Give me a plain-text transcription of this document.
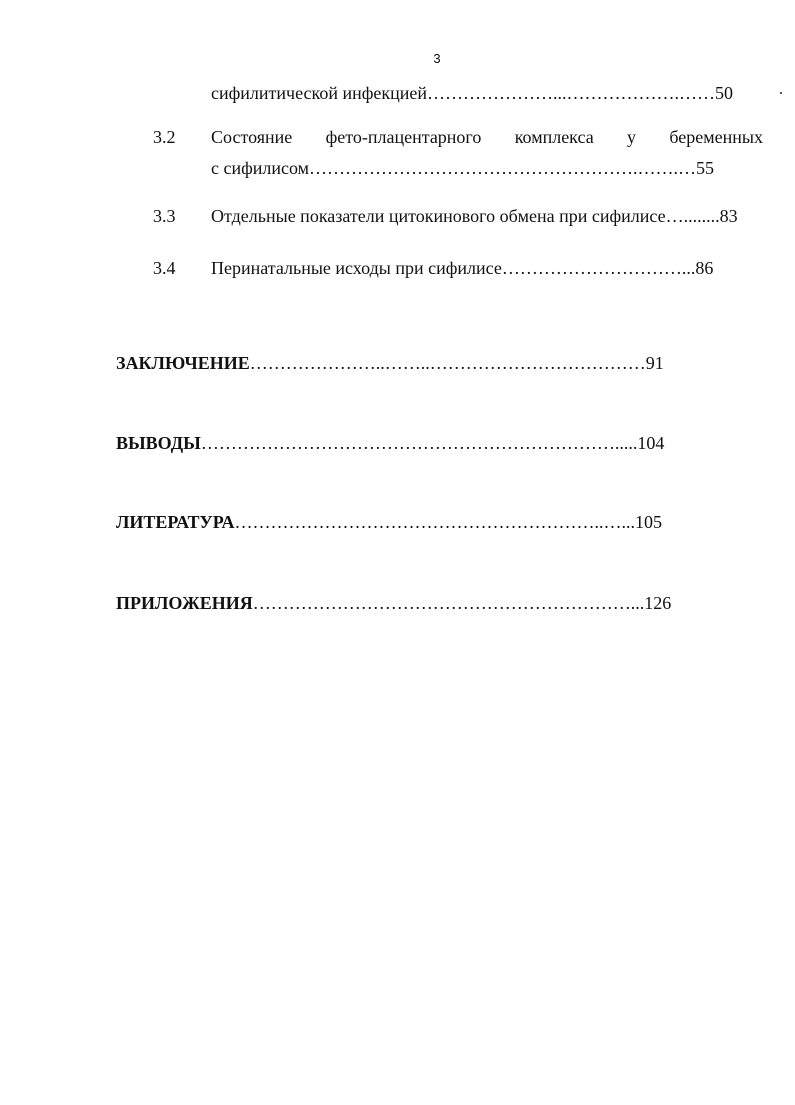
3
сифилитической инфекцией…………………...……………….……50
3.2 Состояние фето-плацентарного комплекса у беременных
с сифилисом……………………………………………….…….…55
3.3 Отдельные показатели цитокинового обмена при сифилисе…........83
3.4 Перинатальные исходы при сифилисе…………………………...86
ЗАКЛЮЧЕНИЕ…………………..……..………………………………91
ВЫВОДЫ…………………………………………………………….....104
ЛИТЕРАТУРА……………………………………………………..…...105
ПРИЛОЖЕНИЯ………………………………………………………...126
